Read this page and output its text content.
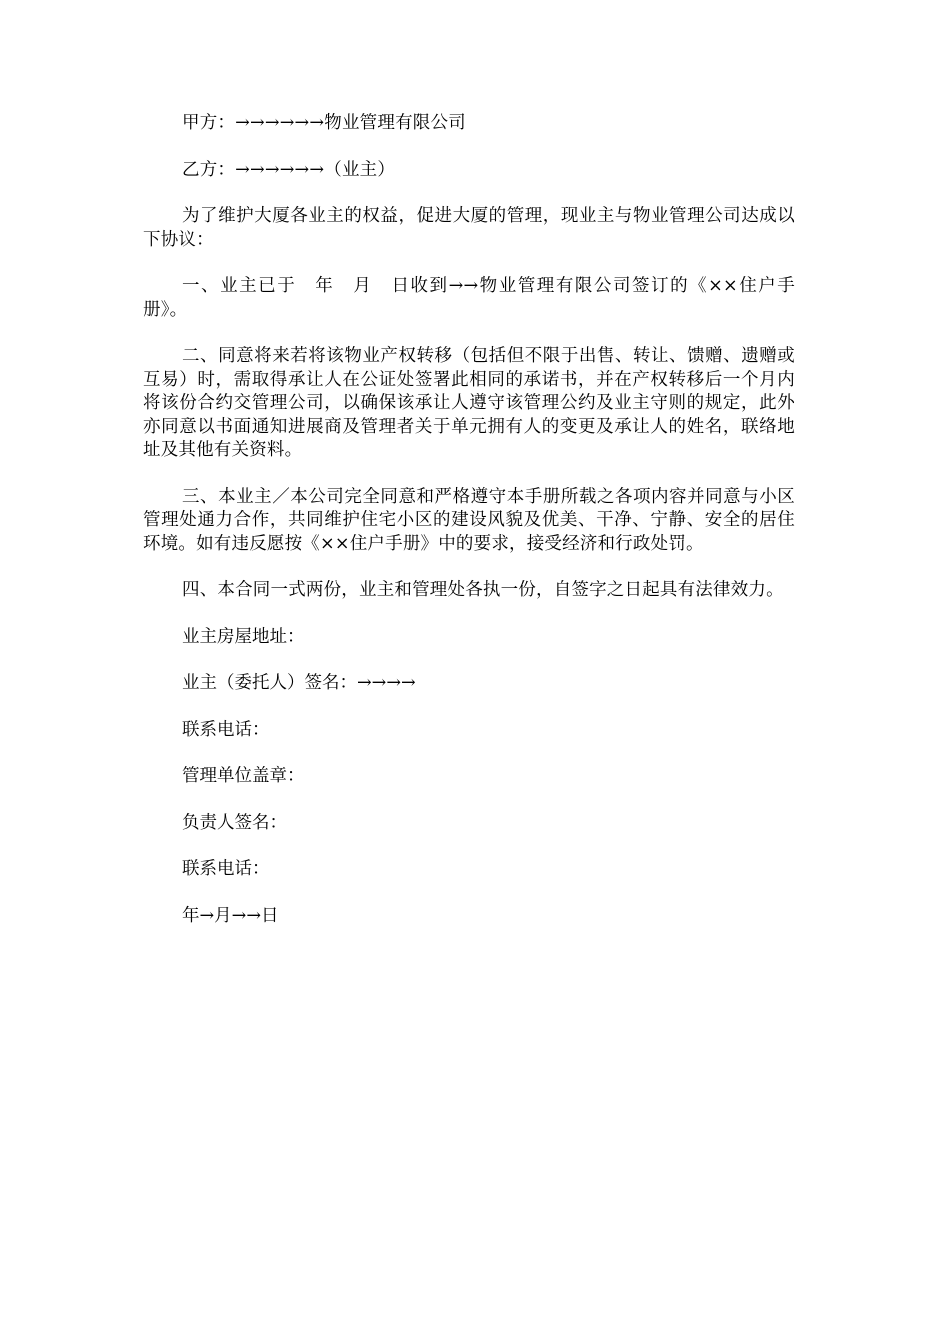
甲方：→→→→→→物业管理有限公司

乙方：→→→→→→（业主）

为了维护大厦各业主的权益，促进大厦的管理，现业主与物业管理公司达成以下协议：

一、业主已于　年　月　日收到→→物业管理有限公司签订的《××住户手册》。

二、同意将来若将该物业产权转移（包括但不限于出售、转让、馈赠、遗赠或互易）时，需取得承让人在公证处签署此相同的承诺书，并在产权转移后一个月内将该份合约交管理公司，以确保该承让人遵守该管理公约及业主守则的规定，此外亦同意以书面通知进展商及管理者关于单元拥有人的变更及承让人的姓名，联络地址及其他有关资料。

三、本业主／本公司完全同意和严格遵守本手册所载之各项内容并同意与小区管理处通力合作，共同维护住宅小区的建设风貌及优美、干净、宁静、安全的居住环境。如有违反愿按《××住户手册》中的要求，接受经济和行政处罚。

四、本合同一式两份，业主和管理处各执一份，自签字之日起具有法律效力。

业主房屋地址：

业主（委托人）签名：→→→→

联系电话：

管理单位盖章：

负责人签名：

联系电话：

年→月→→日
